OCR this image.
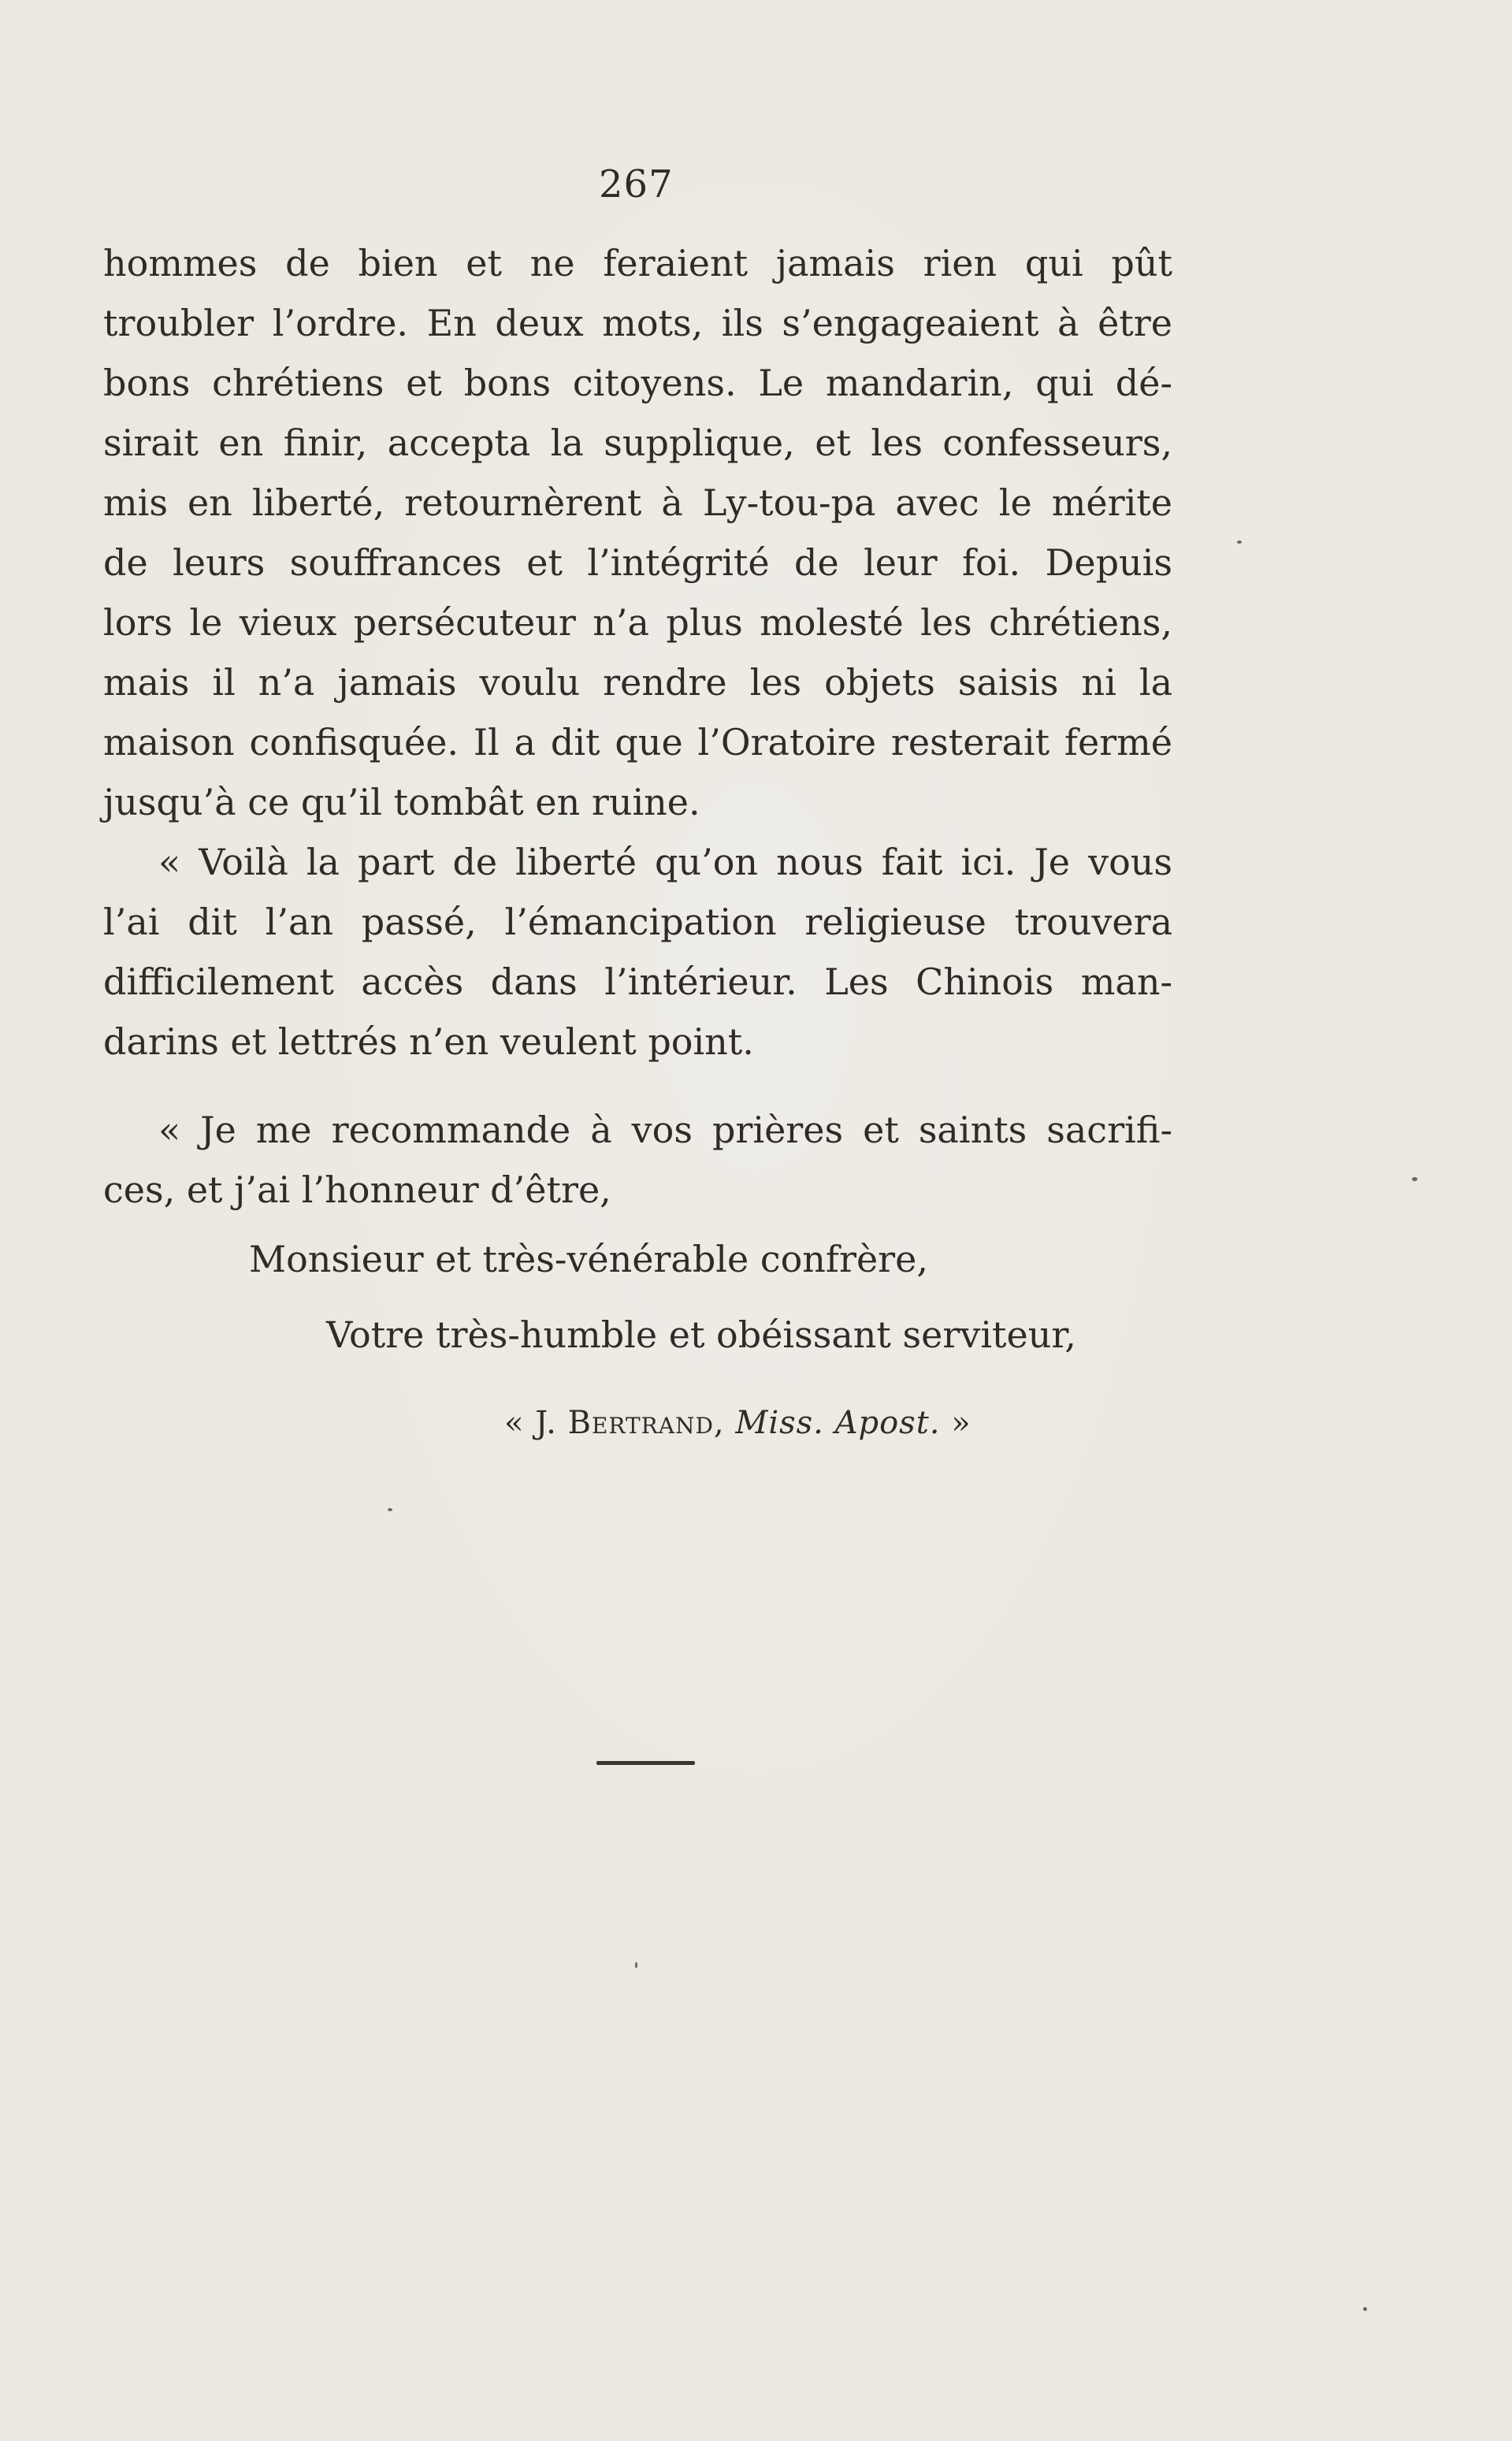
267
hommes de bien et ne feraient jamais rien qui pût
troubler l’ordre. En deux mots, ils s’engageaient à être
bons chrétiens et bons citoyens. Le mandarin, qui dé-
sirait en finir, accepta la supplique, et les confesseurs,
mis en liberté, retournèrent à Ly-tou-pa avec le mérite
de leurs souffrances et l’intégrité de leur foi. Depuis
lors le vieux persécuteur n’a plus molesté les chrétiens,
mais il n’a jamais voulu rendre les objets saisis ni la
maison confisquée. Il a dit que l’Oratoire resterait fermé
jusqu’à ce qu’il tombât en ruine.
« Voilà la part de liberté qu’on nous fait ici. Je vous
l’ai dit l’an passé, l’émancipation religieuse trouvera
difficilement accès dans l’intérieur. Les Chinois man-
darins et lettrés n’en veulent point.
« Je me recommande à vos prières et saints sacrifi-
ces, et j’ai l’honneur d’être,
Monsieur et très-vénérable confrère,
Votre très-humble et obéissant serviteur,
« J. Bertrand, Miss. Apost. »
